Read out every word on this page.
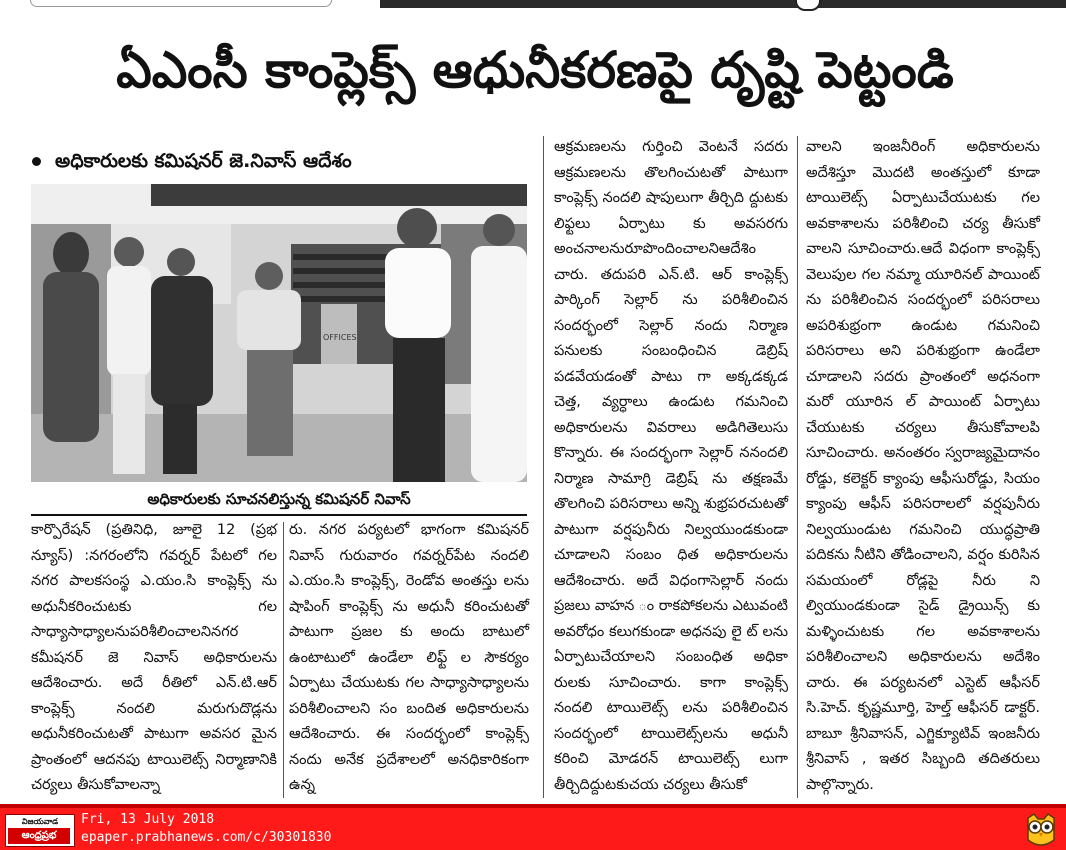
ఏఎంసీ కాంప్లెక్స్ ఆధునీకరణపై దృష్టి పెట్టండి

అధికారులకు కమిషనర్ జె.నివాస్ ఆదేశం

OFFICES

అధికారులకు సూచనలిస్తున్న కమిషనర్ నివాస్

కార్పొరేషన్ (ప్రతినిధి, జూలై 12 (ప్రభ న్యూస్) :నగరంలోని గవర్నర్ పేటలో గల నగర పాలకసంస్థ ఎ.యం.సి కాంప్లెక్స్ ను అధునీకరించుటకు గల సాధ్యాసాధ్యాలనుపరిశీలించాలనినగర కమీషనర్ జె నివాస్ అధికారులను ఆదేశించారు. అదే రీతిలో ఎన్.టి.ఆర్ కాంప్లెక్స్ నందలి మరుగుదొడ్లను అధునీకరించుటతో పాటుగా అవసర మైన ప్రాంతంలో ఆదనపు టాయిలెట్స్ నిర్మాణానికి చర్యలు తీసుకోవాలన్నా

రు. నగర పర్యటలో భాగంగా కమిషనర్ నివాస్ గురువారం గవర్నర్‌పేట నందలి ఎ.యం.సి కాంప్లెక్స్, రెండోవ అంతస్తు లను షాపింగ్ కాంప్లెక్స్ ను అధునీ కరించుటతో పాటుగా ప్రజల కు అందు బాటులో ఉంటాటులో ఉండేలా లిఫ్ట్ ల సౌకర్యం ఏర్పాటు చేయుటకు గల సాధ్యాసాధ్యాలను పరిశీలించాలని సం బందిత అధికారులను ఆదేశించారు. ఈ సందర్భంలో కాంప్లెక్స్ నందు అనేక ప్రదేశాలలో అనధికారికంగా ఉన్న

ఆక్రమణలను గుర్తించి వెంటనే సదరు ఆక్రమణలను తొలగించుటతో పాటుగా కాంప్లెక్స్ నందలి షాపులుగా తీర్చిది ద్దుటకు లిఫ్టలు ఏర్పాటు కు అవసరగు అంచనాలనురూపొందించాలనిఆదేశిం చారు. తదుపరి ఎన్.టి. ఆర్ కాంప్లెక్స్ పార్కింగ్ సెల్లార్ ను పరిశీలించిన సందర్భంలో సెల్లార్ నందు నిర్మాణ పనులకు సంబంధించిన డెబ్రిష్ పడవేయడంతో పాటు గా అక్కడక్కడ చెత్త, వ్యర్ధాలు ఉండుట గమనించి అధికారులను వివరాలు అడిగితెలుసు కొన్నారు. ఈ సందర్భంగా సెల్లార్ ననందలి నిర్మాణ సామాగ్రి డెబ్రిష్ ను తక్షణమే తొలగించి పరిసరాలు అన్ని శుభ్రపరచుటతో పాటుగా వర్షపునీరు నిల్వయుండకుండా చూడాలని సంబం ధిత అధికారులను ఆదేశించారు. అదే విధంగాసెల్లార్ నందు ప్రజలు వాహన ం రాకపోకలను ఎటువంటి అవరోధం కలుగకుండా అధనపు లై ట్ లను ఏర్పాటుచేయాలని సంబంధిత అధికా రులకు సూచించారు. కాగా కాంప్లెక్స్ నందలి టాయిలెట్స్ లను పరిశీలించిన సందర్భంలో టాయిలెట్స్‌లను అధునీ కరించి మోడరన్ టాయిలెట్స్ లుగా తీర్చిదిద్దుటకుచయ చర్యలు తీసుకో

వాలని ఇంజనీరింగ్ అధికారులను అదేశిస్తూ మొదటి అంతస్తులో కూడా టాయిలెట్స్ ఏర్పాటుచేయుటకు గల అవకాశాలను పరిశీలించి చర్య తీసుకో వాలని సూచించారు.ఆదే విధంగా కాంప్లెక్స్ వెలుపుల గల నమ్మా యూరినల్ పాయింట్ ను పరిశీలించిన సందర్భంలో పరిసరాలు అపరిశుభ్రంగా ఉండుట గమనించి పరిసరాలు అని పరిశుభ్రంగా ఉండేలా చూడాలని సదరు ప్రాంతంలో అధనంగా మరో యూరిన ల్ పాయింట్ ఏర్పాటు చేయుటకు చర్యలు తీసుకోవాలపి సూచించారు. అనంతరం స్వరాజ్యమైదానం రోడ్డు, కలెక్టర్ క్యాంపు ఆఫీసురోడ్డు, సియం క్యాంపు ఆఫీస్ పరిసరాలలో వర్షపునీరు నిల్వయుండుట గమనించి యుద్ధప్రాతి పదికను నీటిని తోడించాలని, వర్షం కురిసిన సమయంలో రోడ్లపై నీరు ని ల్వియుండకుండా సైడ్ డ్రైయిన్స్ కు మళ్ళించుటకు గల అవకాశాలను పరిశీలించాలని అధికారులను అదేశిం చారు. ఈ పర్యటనలో ఎస్టెట్ ఆఫీసర్ సి.హెచ్. కృష్ణమూర్తి, హెల్త్ ఆఫీసర్ డాక్టర్. బాబూ శ్రీనివాసన్, ఎగ్జిక్యూటివ్ ఇంజనీరు శ్రీనివాస్ , ఇతర సిబ్బంది తదితరులు పాల్గొన్నారు.

విజయవాడ

ఆంధ్రప్రభ

Fri, 13 July 2018

epaper.prabhanews.com/c/30301830
